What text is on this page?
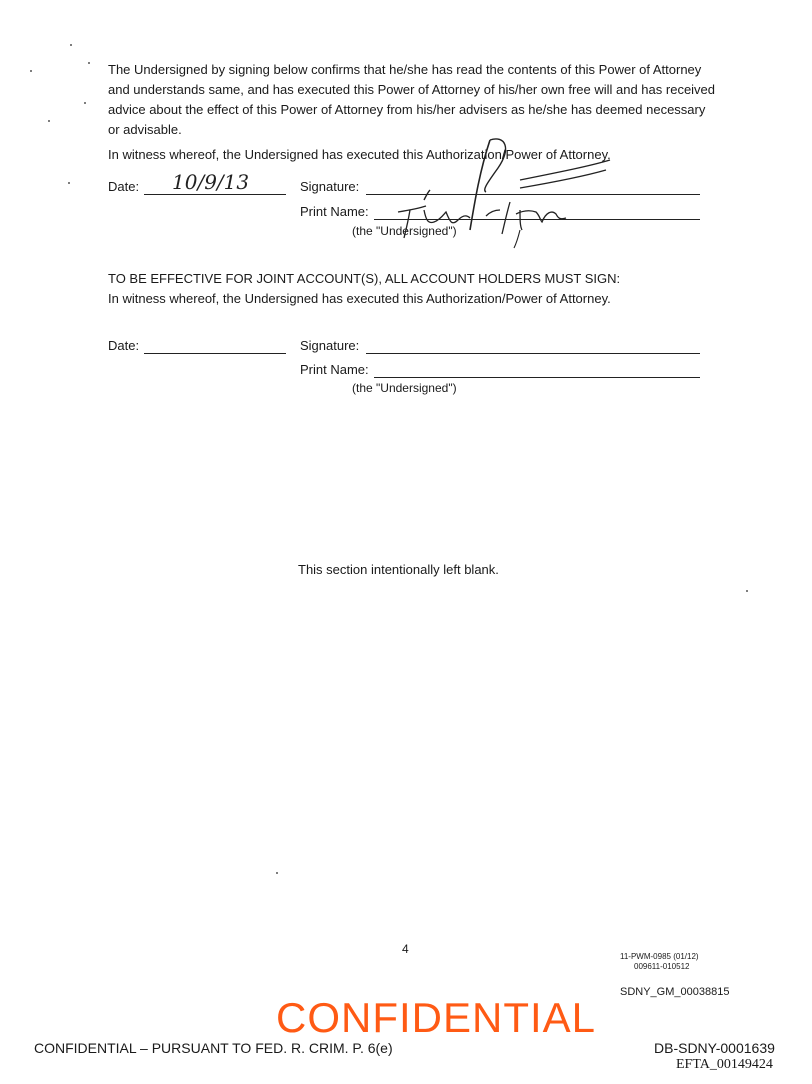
The Undersigned by signing below confirms that he/she has read the contents of this Power of Attorney and understands same, and has executed this Power of Attorney of his/her own free will and has received advice about the effect of this Power of Attorney from his/her advisers as he/she has deemed necessary or advisable.
In witness whereof, the Undersigned has executed this Authorization/Power of Attorney.
Date: 10/9/13	Signature:
Print Name:
(the "Undersigned")
TO BE EFFECTIVE FOR JOINT ACCOUNT(S), ALL ACCOUNT HOLDERS MUST SIGN:
In witness whereof, the Undersigned has executed this Authorization/Power of Attorney.
Date:	Signature:
Print Name:
(the "Undersigned")
This section intentionally left blank.
4
11-PWM-0985 (01/12)
009611-010512
SDNY_GM_00038815
CONFIDENTIAL
CONFIDENTIAL – PURSUANT TO FED. R. CRIM. P. 6(e)	DB-SDNY-0001639
EFTA_00149424
